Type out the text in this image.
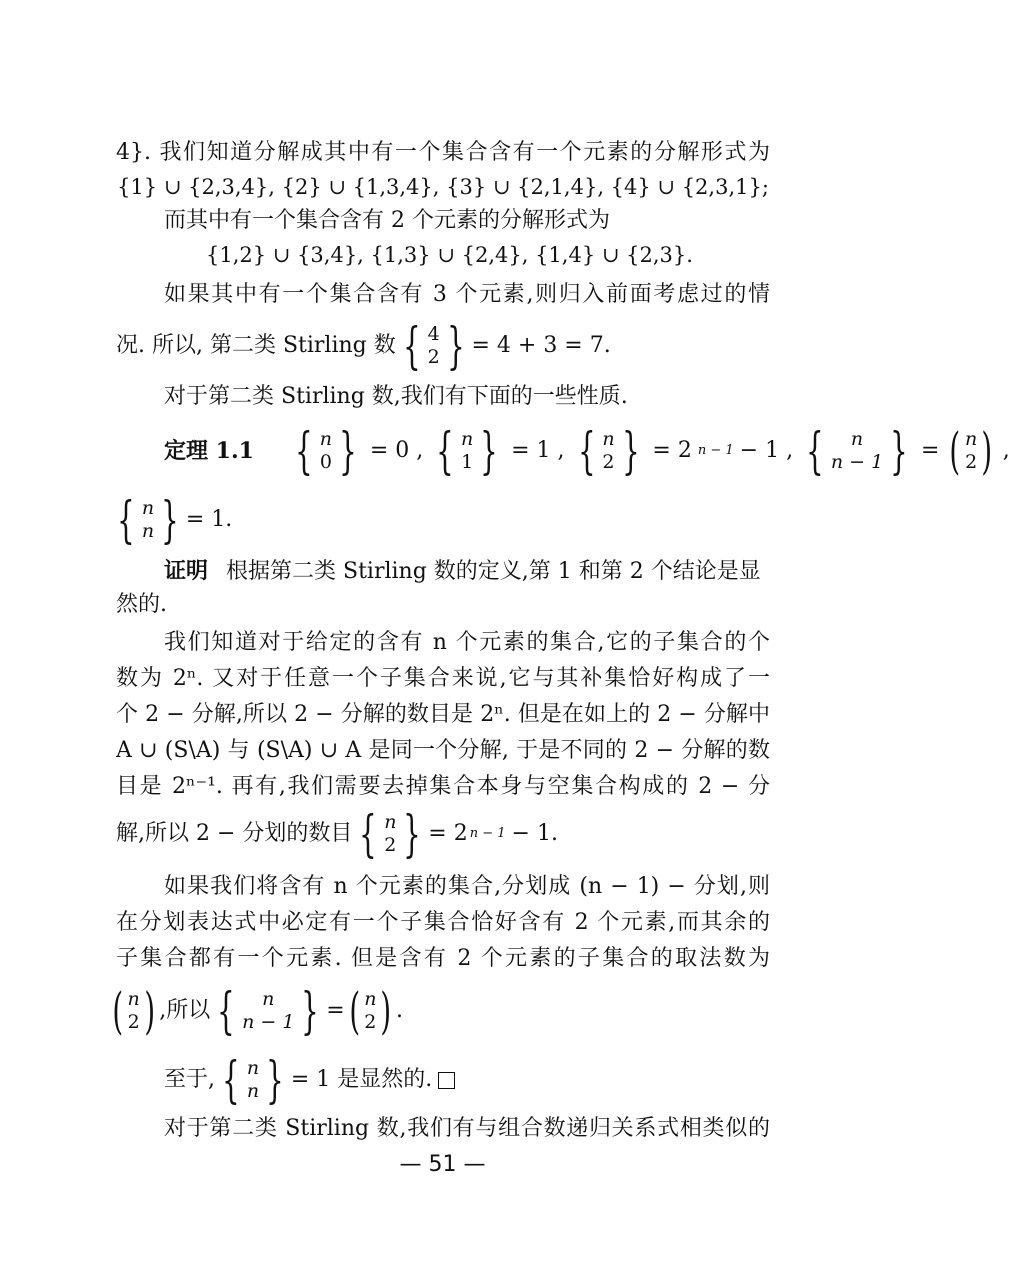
4}. 我们知道分解成其中有一个集合含有一个元素的分解形式为
{1} ∪ {2,3,4}, {2} ∪ {1,3,4}, {3} ∪ {2,1,4}, {4} ∪ {2,3,1};
而其中有一个集合含有 2 个元素的分解形式为
{1,2} ∪ {3,4}, {1,3} ∪ {2,4}, {1,4} ∪ {2,3}.
如果其中有一个集合含有 3 个元素,则归入前面考虑过的情
况. 所以, 第二类 Stirling 数 { 4
2 } = 4 + 3 = 7.
对于第二类 Stirling 数,我们有下面的一些性质.
定理 1.1 { n
0 } = 0 , { n
1 } = 1 , { n
2 } = 2 n − 1 − 1 , { n
n − 1 } = ( n
2 ) ,
{ n
n } = 1.
证明 根据第二类 Stirling 数的定义,第 1 和第 2 个结论是显
然的.
我们知道对于给定的含有 n 个元素的集合,它的子集合的个
数为 2ⁿ. 又对于任意一个子集合来说,它与其补集恰好构成了一
个 2 − 分解,所以 2 − 分解的数目是 2ⁿ. 但是在如上的 2 − 分解中
A ∪ (S\A) 与 (S\A) ∪ A 是同一个分解, 于是不同的 2 − 分解的数
目是 2ⁿ⁻¹. 再有,我们需要去掉集合本身与空集合构成的 2 − 分
解,所以 2 − 分划的数目 { n
2 } = 2 n − 1 − 1.
如果我们将含有 n 个元素的集合,分划成 (n − 1) − 分划,则
在分划表达式中必定有一个子集合恰好含有 2 个元素,而其余的
子集合都有一个元素. 但是含有 2 个元素的子集合的取法数为
( n
2 ) ,所以 { n
n − 1 } = ( n
2 ) .
至于, { n
n } = 1 是显然的.
对于第二类 Stirling 数,我们有与组合数递归关系式相类似的
— 51 —
